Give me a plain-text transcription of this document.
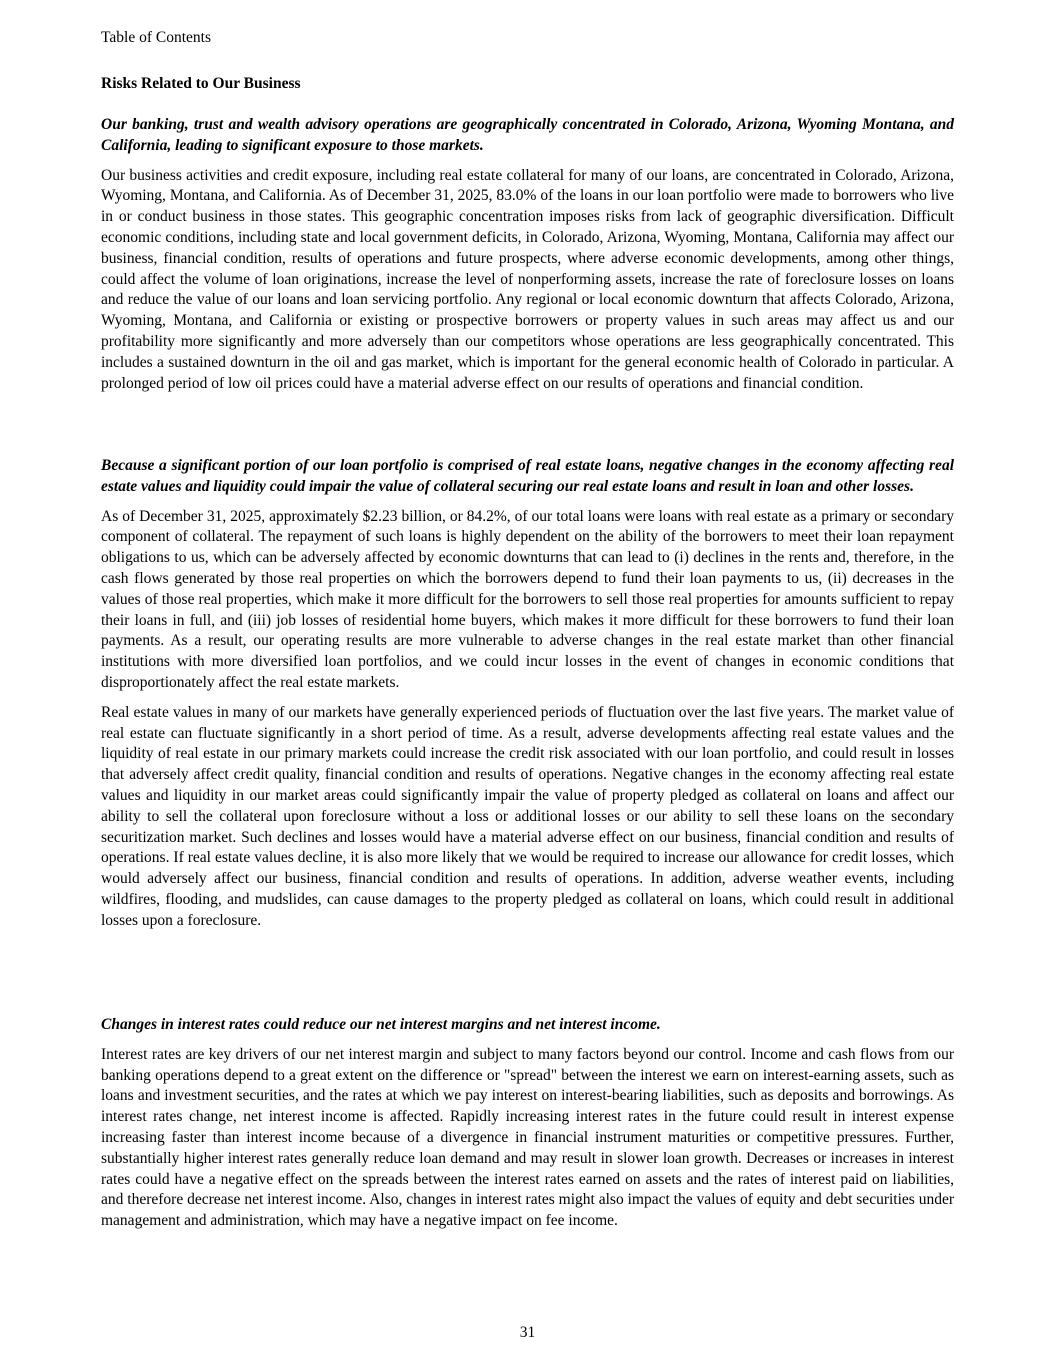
Table of Contents
Risks Related to Our Business

Our banking, trust and wealth advisory operations are geographically concentrated in Colorado, Arizona, Wyoming Montana, and California, leading to significant exposure to those markets.

Our business activities and credit exposure, including real estate collateral for many of our loans, are concentrated in Colorado, Arizona, Wyoming, Montana, and California. As of December 31, 2025, 83.0% of the loans in our loan portfolio were made to borrowers who live in or conduct business in those states. This geographic concentration imposes risks from lack of geographic diversification. Difficult economic conditions, including state and local government deficits, in Colorado, Arizona, Wyoming, Montana, California may affect our business, financial condition, results of operations and future prospects, where adverse economic developments, among other things, could affect the volume of loan originations, increase the level of nonperforming assets, increase the rate of foreclosure losses on loans and reduce the value of our loans and loan servicing portfolio. Any regional or local economic downturn that affects Colorado, Arizona, Wyoming, Montana, and California or existing or prospective borrowers or property values in such areas may affect us and our profitability more significantly and more adversely than our competitors whose operations are less geographically concentrated. This includes a sustained downturn in the oil and gas market, which is important for the general economic health of Colorado in particular. A prolonged period of low oil prices could have a material adverse effect on our results of operations and financial condition.

Because a significant portion of our loan portfolio is comprised of real estate loans, negative changes in the economy affecting real estate values and liquidity could impair the value of collateral securing our real estate loans and result in loan and other losses.

As of December 31, 2025, approximately $2.23 billion, or 84.2%, of our total loans were loans with real estate as a primary or secondary component of collateral. The repayment of such loans is highly dependent on the ability of the borrowers to meet their loan repayment obligations to us, which can be adversely affected by economic downturns that can lead to (i) declines in the rents and, therefore, in the cash flows generated by those real properties on which the borrowers depend to fund their loan payments to us, (ii) decreases in the values of those real properties, which make it more difficult for the borrowers to sell those real properties for amounts sufficient to repay their loans in full, and (iii) job losses of residential home buyers, which makes it more difficult for these borrowers to fund their loan payments. As a result, our operating results are more vulnerable to adverse changes in the real estate market than other financial institutions with more diversified loan portfolios, and we could incur losses in the event of changes in economic conditions that disproportionately affect the real estate markets.

Real estate values in many of our markets have generally experienced periods of fluctuation over the last five years. The market value of real estate can fluctuate significantly in a short period of time. As a result, adverse developments affecting real estate values and the liquidity of real estate in our primary markets could increase the credit risk associated with our loan portfolio, and could result in losses that adversely affect credit quality, financial condition and results of operations. Negative changes in the economy affecting real estate values and liquidity in our market areas could significantly impair the value of property pledged as collateral on loans and affect our ability to sell the collateral upon foreclosure without a loss or additional losses or our ability to sell these loans on the secondary securitization market. Such declines and losses would have a material adverse effect on our business, financial condition and results of operations. If real estate values decline, it is also more likely that we would be required to increase our allowance for credit losses, which would adversely affect our business, financial condition and results of operations. In addition, adverse weather events, including wildfires, flooding, and mudslides, can cause damages to the property pledged as collateral on loans, which could result in additional losses upon a foreclosure.

Changes in interest rates could reduce our net interest margins and net interest income.

Interest rates are key drivers of our net interest margin and subject to many factors beyond our control. Income and cash flows from our banking operations depend to a great extent on the difference or "spread" between the interest we earn on interest-earning assets, such as loans and investment securities, and the rates at which we pay interest on interest-bearing liabilities, such as deposits and borrowings. As interest rates change, net interest income is affected. Rapidly increasing interest rates in the future could result in interest expense increasing faster than interest income because of a divergence in financial instrument maturities or competitive pressures. Further, substantially higher interest rates generally reduce loan demand and may result in slower loan growth. Decreases or increases in interest rates could have a negative effect on the spreads between the interest rates earned on assets and the rates of interest paid on liabilities, and therefore decrease net interest income. Also, changes in interest rates might also impact the values of equity and debt securities under management and administration, which may have a negative impact on fee income.

31
